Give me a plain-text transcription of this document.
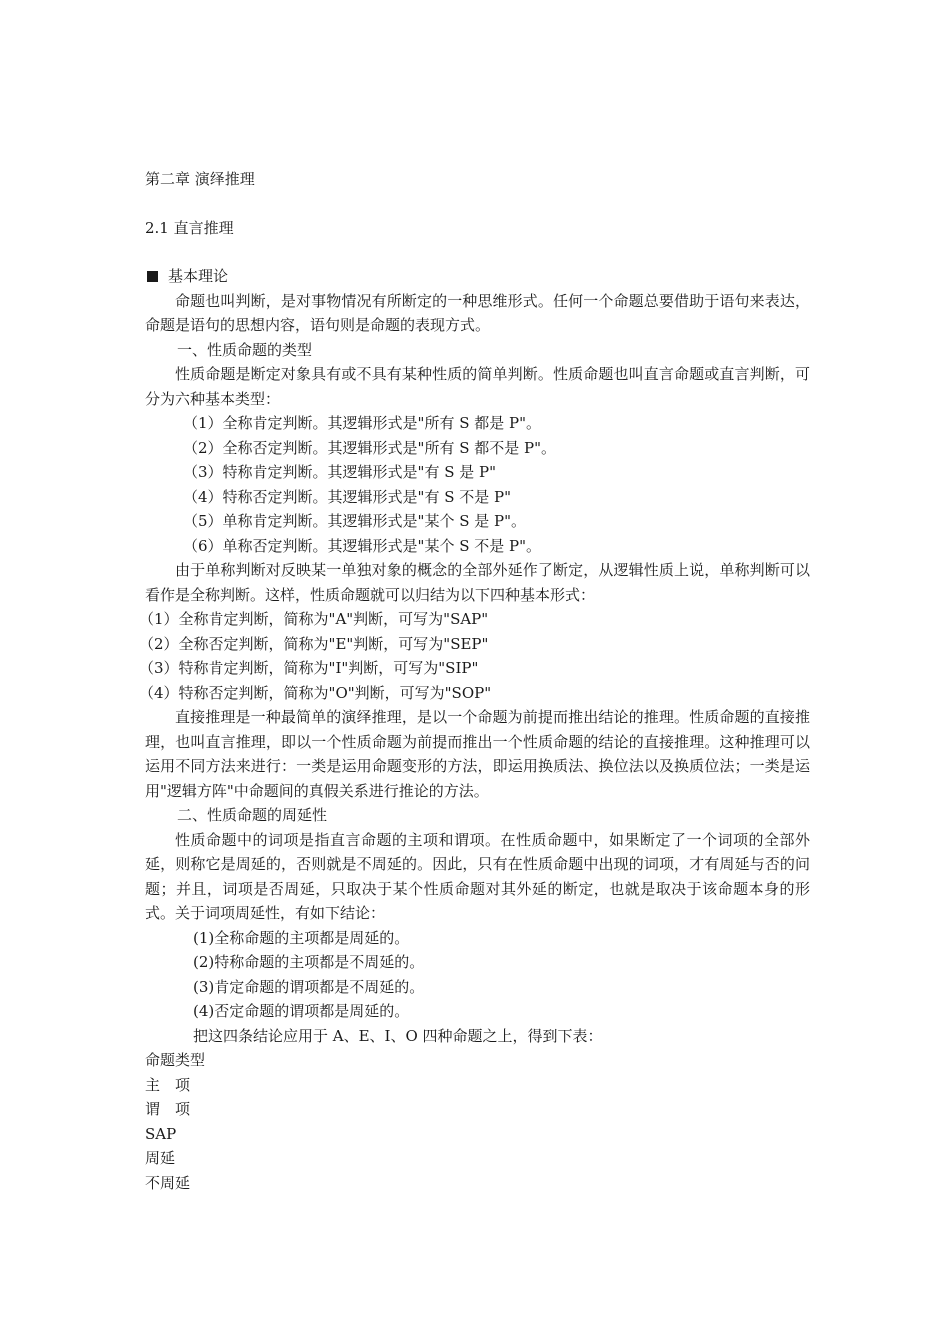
第二章 演绎推理
2.1 直言推理
基本理论

命题也叫判断，是对事物情况有所断定的一种思维形式。任何一个命题总要借助于语句来表达，命题是语句的思想内容，语句则是命题的表现方式。

一、性质命题的类型

性质命题是断定对象具有或不具有某种性质的简单判断。性质命题也叫直言命题或直言判断，可分为六种基本类型：

（1）全称肯定判断。其逻辑形式是"所有 S 都是 P"。
（2）全称否定判断。其逻辑形式是"所有 S 都不是 P"。
（3）特称肯定判断。其逻辑形式是"有 S 是 P"
（4）特称否定判断。其逻辑形式是"有 S 不是 P"
（5）单称肯定判断。其逻辑形式是"某个 S 是 P"。
（6）单称否定判断。其逻辑形式是"某个 S 不是 P"。

由于单称判断对反映某一单独对象的概念的全部外延作了断定，从逻辑性质上说，单称判断可以看作是全称判断。这样，性质命题就可以归结为以下四种基本形式：

（1）全称肯定判断，简称为"A"判断，可写为"SAP"
（2）全称否定判断，简称为"E"判断，可写为"SEP"
（3）特称肯定判断，简称为"I"判断，可写为"SIP"
（4）特称否定判断，简称为"O"判断，可写为"SOP"

直接推理是一种最简单的演绎推理，是以一个命题为前提而推出结论的推理。性质命题的直接推理，也叫直言推理，即以一个性质命题为前提而推出一个性质命题的结论的直接推理。这种推理可以运用不同方法来进行：一类是运用命题变形的方法，即运用换质法、换位法以及换质位法；一类是运用"逻辑方阵"中命题间的真假关系进行推论的方法。

二、性质命题的周延性

性质命题中的词项是指直言命题的主项和谓项。在性质命题中，如果断定了一个词项的全部外延，则称它是周延的，否则就是不周延的。因此，只有在性质命题中出现的词项，才有周延与否的问题；并且，词项是否周延，只取决于某个性质命题对其外延的断定，也就是取决于该命题本身的形式。关于词项周延性，有如下结论：

(1)全称命题的主项都是周延的。
(2)特称命题的主项都是不周延的。
(3)肯定命题的谓项都是不周延的。
(4)否定命题的谓项都是周延的。
把这四条结论应用于 A、E、I、O 四种命题之上，得到下表：
命题类型
主　项
谓　项
SAP
周延
不周延
